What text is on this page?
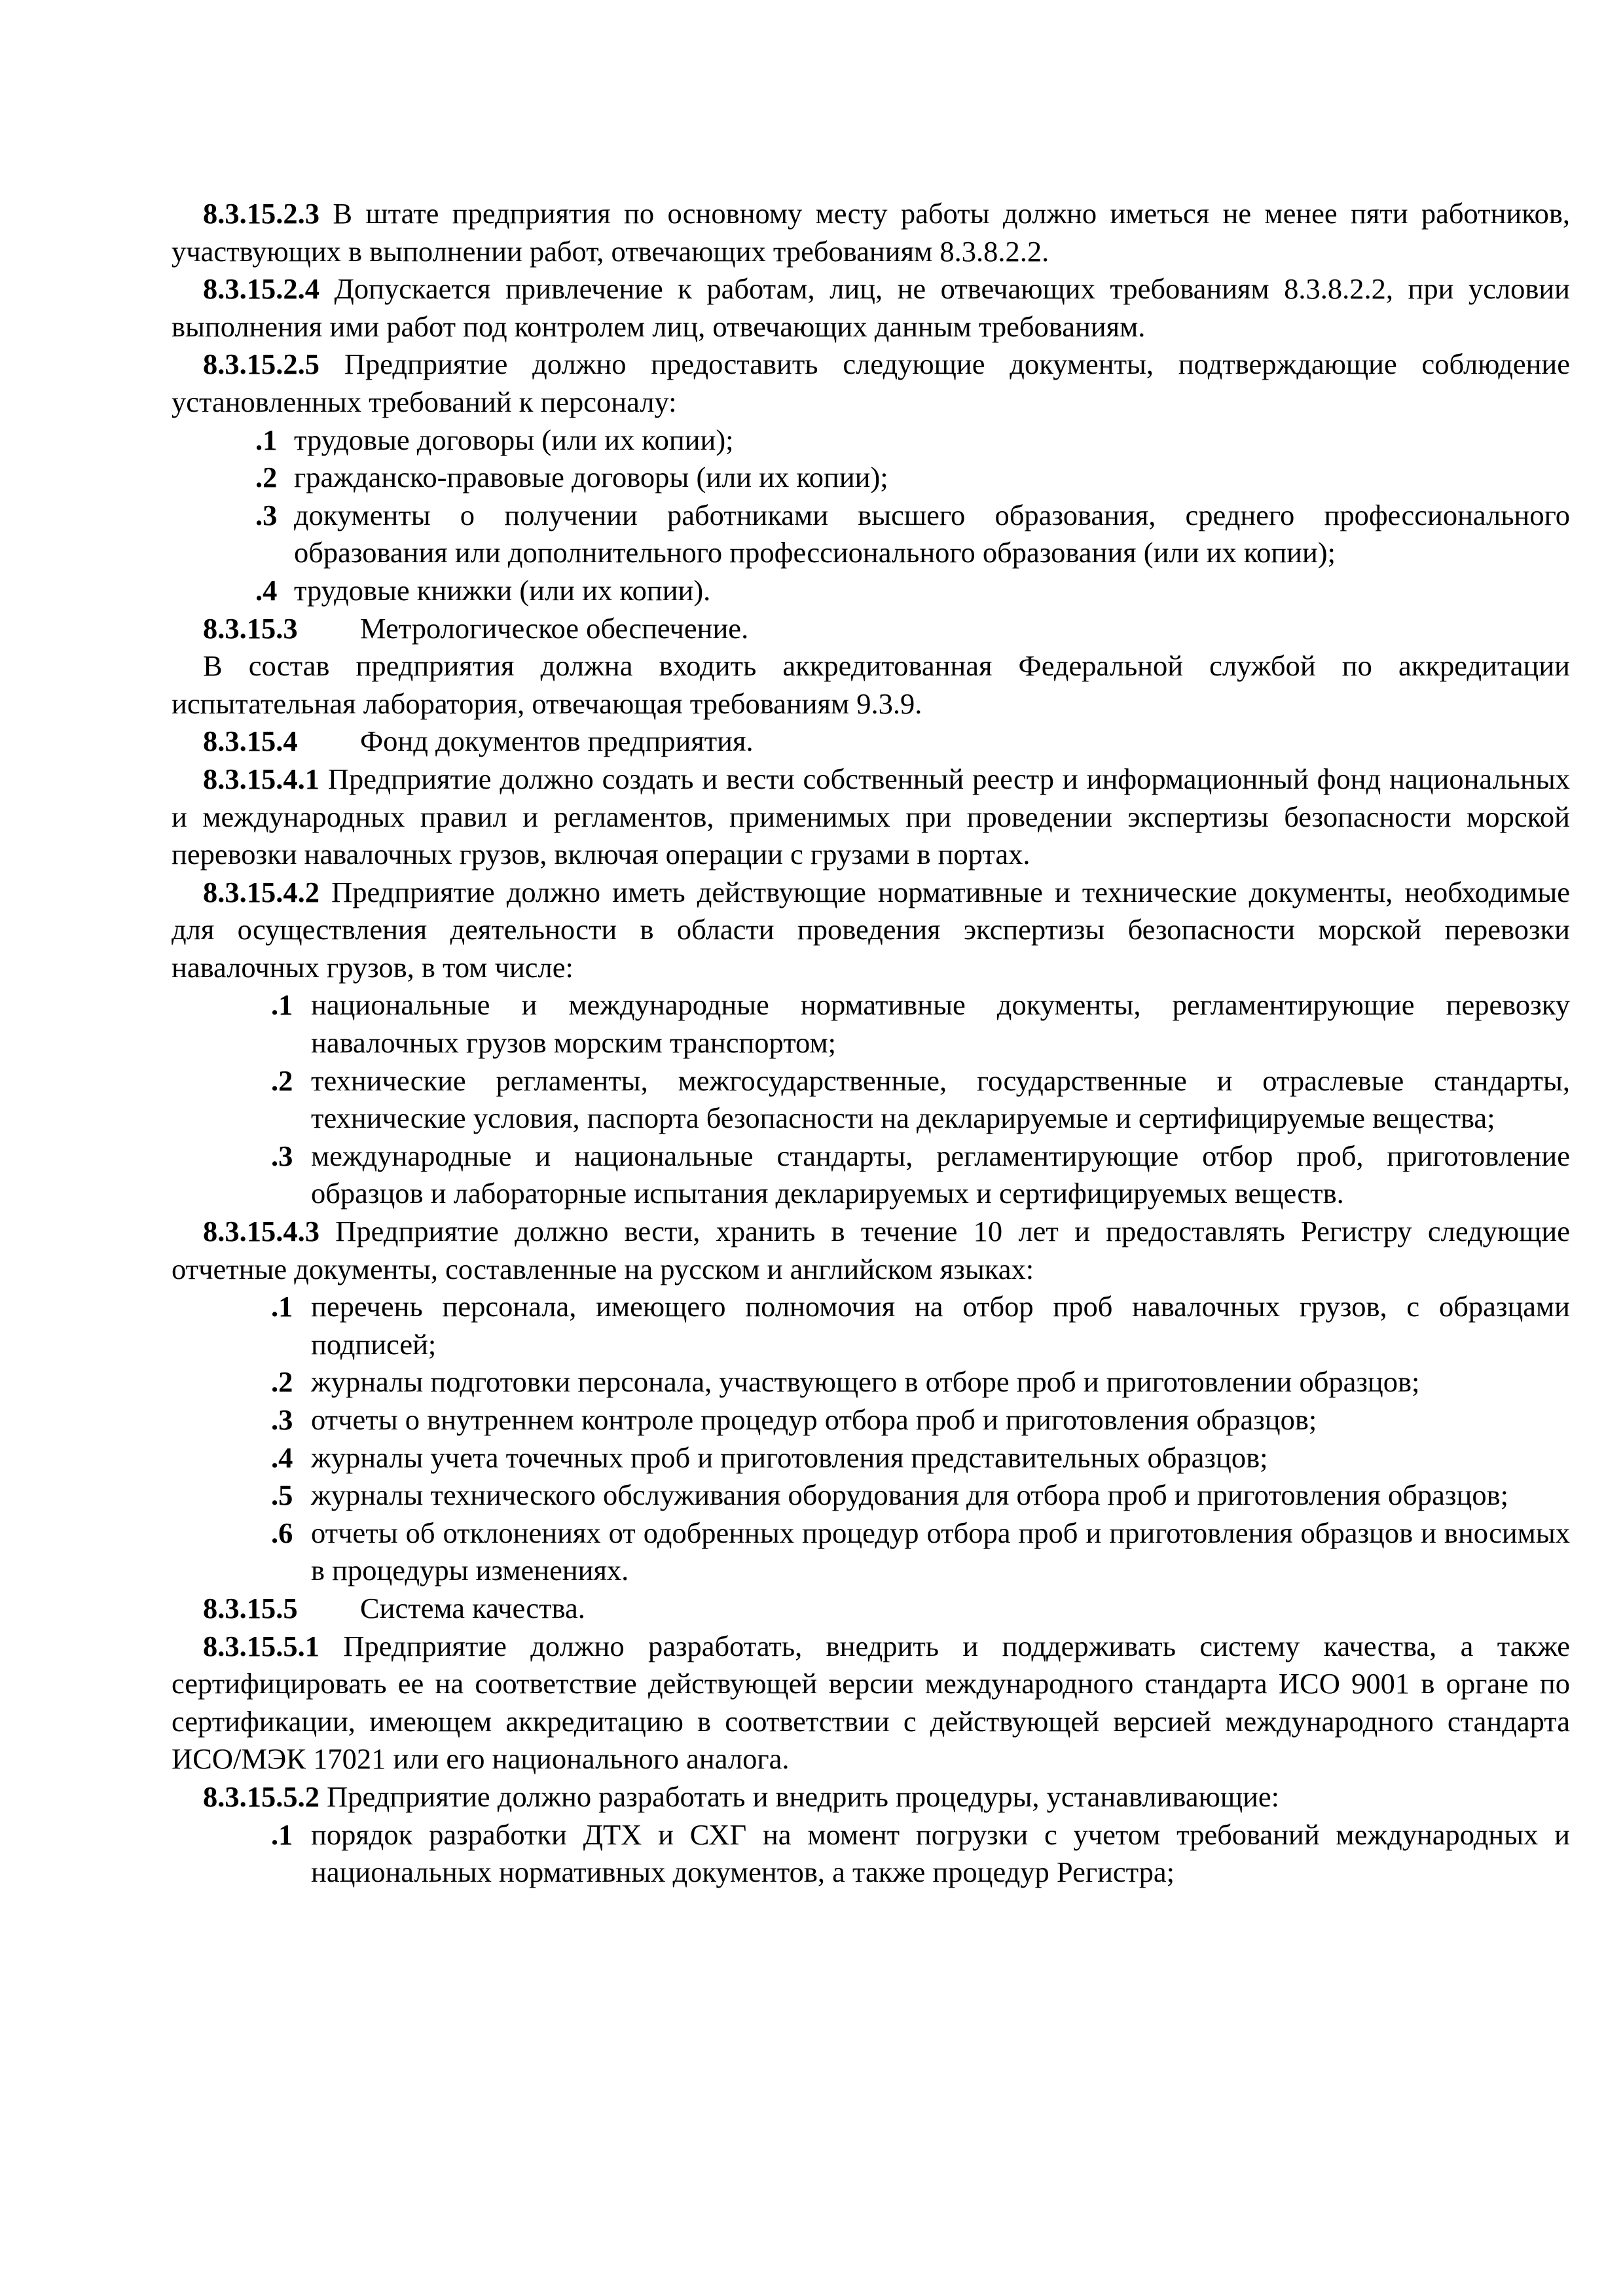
8.3.15.2.3 В штате предприятия по основному месту работы должно иметься не менее пяти работников, участвующих в выполнении работ, отвечающих требованиям 8.3.8.2.2.

8.3.15.2.4 Допускается привлечение к работам, лиц, не отвечающих требованиям 8.3.8.2.2, при условии выполнения ими работ под контролем лиц, отвечающих данным требованиям.

8.3.15.2.5 Предприятие должно предоставить следующие документы, подтверждающие соблюдение установленных требований к персоналу:

.1 трудовые договоры (или их копии);

.2 гражданско-правовые договоры (или их копии);

.3 документы о получении работниками высшего образования, среднего профессионального образования или дополнительного профессионального образования (или их копии);

.4 трудовые книжки (или их копии).

8.3.15.3 Метрологическое обеспечение.

В состав предприятия должна входить аккредитованная Федеральной службой по аккредитации испытательная лаборатория, отвечающая требованиям 9.3.9.

8.3.15.4 Фонд документов предприятия.

8.3.15.4.1 Предприятие должно создать и вести собственный реестр и информационный фонд национальных и международных правил и регламентов, применимых при проведении экспертизы безопасности морской перевозки навалочных грузов, включая операции с грузами в портах.

8.3.15.4.2 Предприятие должно иметь действующие нормативные и технические документы, необходимые для осуществления деятельности в области проведения экспертизы безопасности морской перевозки навалочных грузов, в том числе:

.1 национальные и международные нормативные документы, регламентирующие перевозку навалочных грузов морским транспортом;

.2 технические регламенты, межгосударственные, государственные и отраслевые стандарты, технические условия, паспорта безопасности на декларируемые и сертифицируемые вещества;

.3 международные и национальные стандарты, регламентирующие отбор проб, приготовление образцов и лабораторные испытания декларируемых и сертифицируемых веществ.

8.3.15.4.3 Предприятие должно вести, хранить в течение 10 лет и предоставлять Регистру следующие отчетные документы, составленные на русском и английском языках:

.1 перечень персонала, имеющего полномочия на отбор проб навалочных грузов, с образцами подписей;

.2 журналы подготовки персонала, участвующего в отборе проб и приготовлении образцов;

.3 отчеты о внутреннем контроле процедур отбора проб и приготовления образцов;

.4 журналы учета точечных проб и приготовления представительных образцов;

.5 журналы технического обслуживания оборудования для отбора проб и приготовления образцов;

.6 отчеты об отклонениях от одобренных процедур отбора проб и приготовления образцов и вносимых в процедуры изменениях.

8.3.15.5 Система качества.

8.3.15.5.1 Предприятие должно разработать, внедрить и поддерживать систему качества, а также сертифицировать ее на соответствие действующей версии международного стандарта ИСО 9001 в органе по сертификации, имеющем аккредитацию в соответствии с действующей версией международного стандарта ИСО/МЭК 17021 или его национального аналога.

8.3.15.5.2 Предприятие должно разработать и внедрить процедуры, устанавливающие:

.1 порядок разработки ДТХ и СХГ на момент погрузки с учетом требований международных и национальных нормативных документов, а также процедур Регистра;
